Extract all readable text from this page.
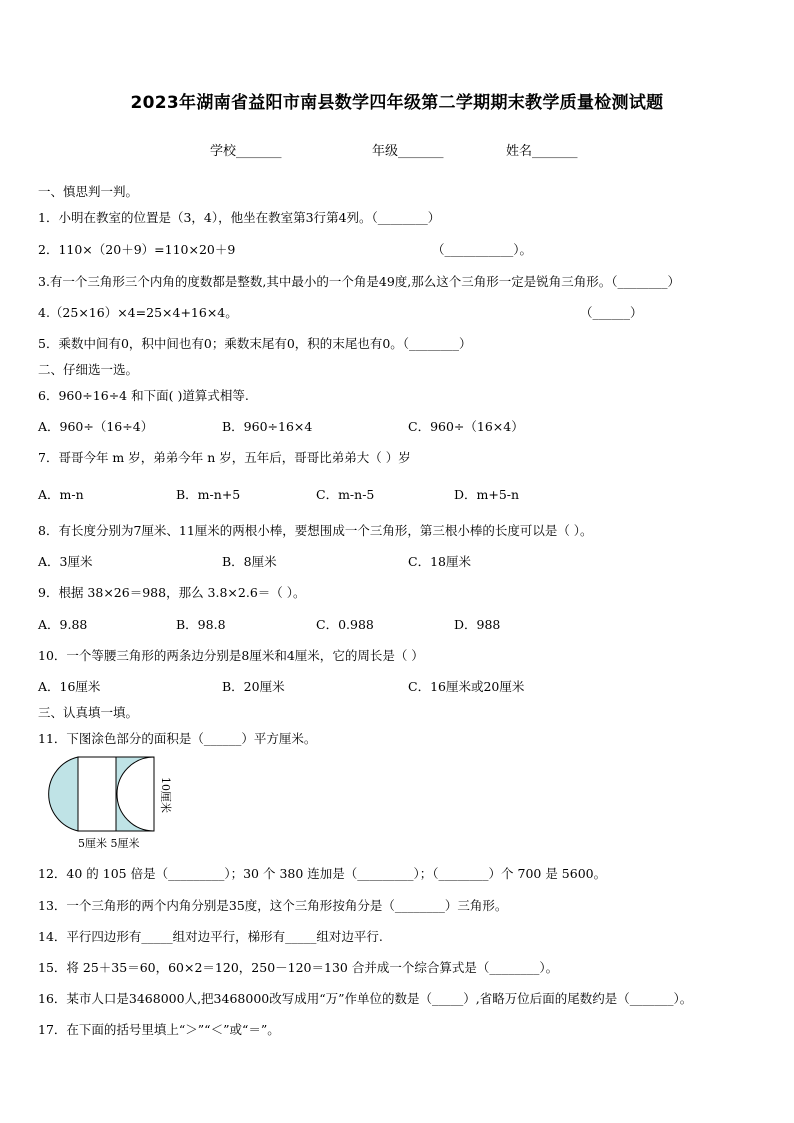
2023年湖南省益阳市南县数学四年级第二学期期末教学质量检测试题
学校_______	年级_______	姓名_______
一、慎思判一判。
1．小明在教室的位置是（3，4），他坐在教室第3行第4列。（________）
2．110×（20＋9）=110×20＋9	（___________）。
3.有一个三角形三个内角的度数都是整数,其中最小的一个角是49度,那么这个三角形一定是锐角三角形。（________）
4.（25×16）×4=25×4+16×4。	（______）
5．乘数中间有0，积中间也有0；乘数末尾有0，积的末尾也有0。（________）
二、仔细选一选。
6．960÷16÷4 和下面( )道算式相等.
A．960÷（16÷4）	B．960÷16×4	C．960÷（16×4）
7．哥哥今年 m 岁，弟弟今年 n 岁，五年后，哥哥比弟弟大（ ）岁
A．m-n	B．m-n+5	C．m-n-5	D．m+5-n
8．有长度分别为7厘米、11厘米的两根小棒，要想围成一个三角形，第三根小棒的长度可以是（ ）。
A．3厘米	B．8厘米	C．18厘米
9．根据 38×26＝988，那么 3.8×2.6＝（ ）。
A．9.88	B．98.8	C．0.988	D．988
10．一个等腰三角形的两条边分别是8厘米和4厘米，它的周长是（ ）
A．16厘米	B．20厘米	C．16厘米或20厘米
三、认真填一填。
11．下图涂色部分的面积是（______）平方厘米。
10厘米
5厘米 5厘米
12．40 的 105 倍是（_________）；30 个 380 连加是（_________）；（________）个 700 是 5600。
13．一个三角形的两个内角分别是35度，这个三角形按角分是（________）三角形。
14．平行四边形有_____组对边平行，梯形有_____组对边平行.
15．将 25＋35＝60，60×2＝120，250－120＝130 合并成一个综合算式是（________）。
16．某市人口是3468000人,把3468000改写成用“万”作单位的数是（_____）,省略万位后面的尾数约是（_______）。
17．在下面的括号里填上“＞”“＜”或“＝”。
